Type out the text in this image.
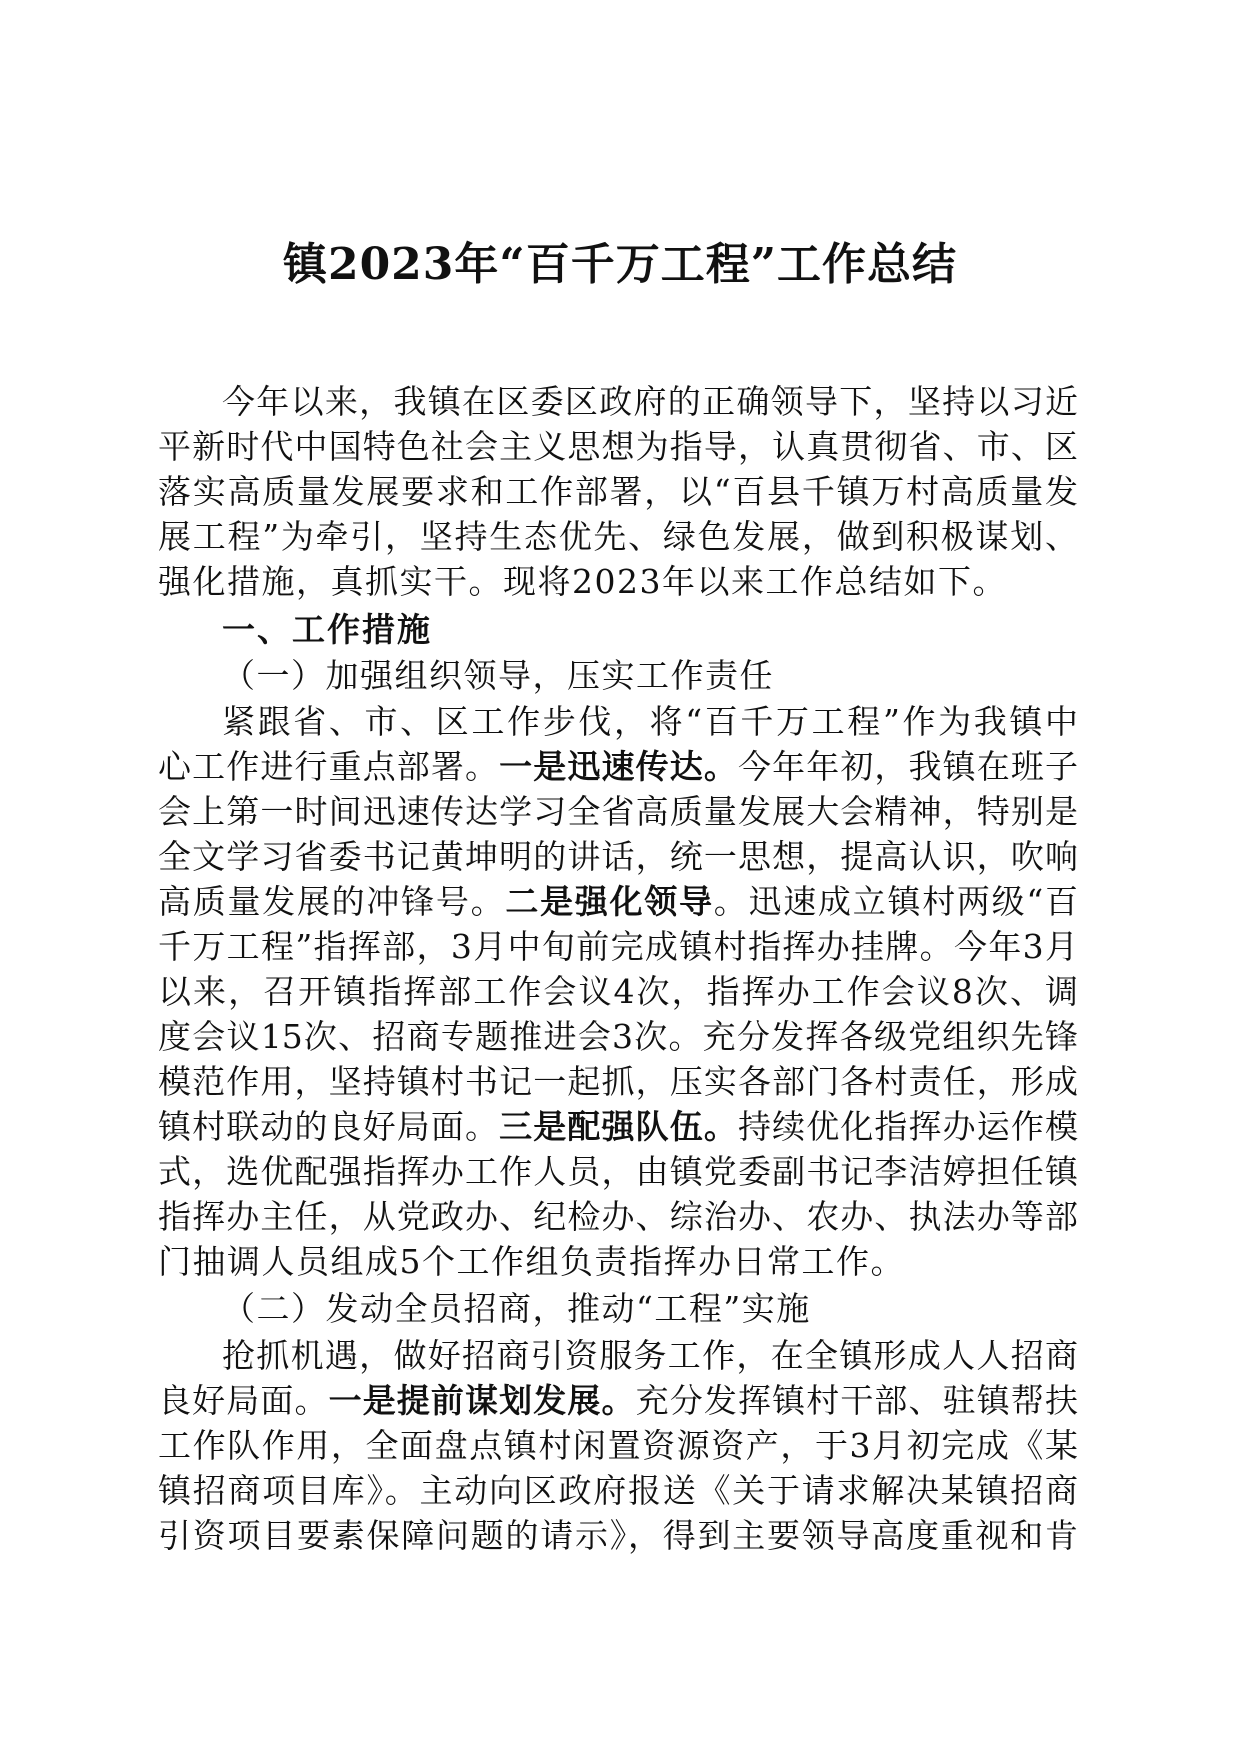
镇2023年“百千万工程”工作总结
今年以来，我镇在区委区政府的正确领导下，坚持以习近
平新时代中国特色社会主义思想为指导，认真贯彻省、市、区
落实高质量发展要求和工作部署，以“百县千镇万村高质量发
展工程”为牵引，坚持生态优先、绿色发展，做到积极谋划、
强化措施，真抓实干。现将2023年以来工作总结如下。
一、工作措施
（一）加强组织领导，压实工作责任
紧跟省、市、区工作步伐，将“百千万工程”作为我镇中
心工作进行重点部署。一是迅速传达。今年年初，我镇在班子
会上第一时间迅速传达学习全省高质量发展大会精神，特别是
全文学习省委书记黄坤明的讲话，统一思想，提高认识，吹响
高质量发展的冲锋号。二是强化领导。迅速成立镇村两级“百
千万工程”指挥部，3月中旬前完成镇村指挥办挂牌。今年3月
以来，召开镇指挥部工作会议4次，指挥办工作会议8次、调
度会议15次、招商专题推进会3次。充分发挥各级党组织先锋
模范作用，坚持镇村书记一起抓，压实各部门各村责任，形成
镇村联动的良好局面。三是配强队伍。持续优化指挥办运作模
式，选优配强指挥办工作人员，由镇党委副书记李洁婷担任镇
指挥办主任，从党政办、纪检办、综治办、农办、执法办等部
门抽调人员组成5个工作组负责指挥办日常工作。
（二）发动全员招商，推动“工程”实施
抢抓机遇，做好招商引资服务工作，在全镇形成人人招商
良好局面。一是提前谋划发展。充分发挥镇村干部、驻镇帮扶
工作队作用，全面盘点镇村闲置资源资产，于3月初完成《某
镇招商项目库》。主动向区政府报送《关于请求解决某镇招商
引资项目要素保障问题的请示》，得到主要领导高度重视和肯
